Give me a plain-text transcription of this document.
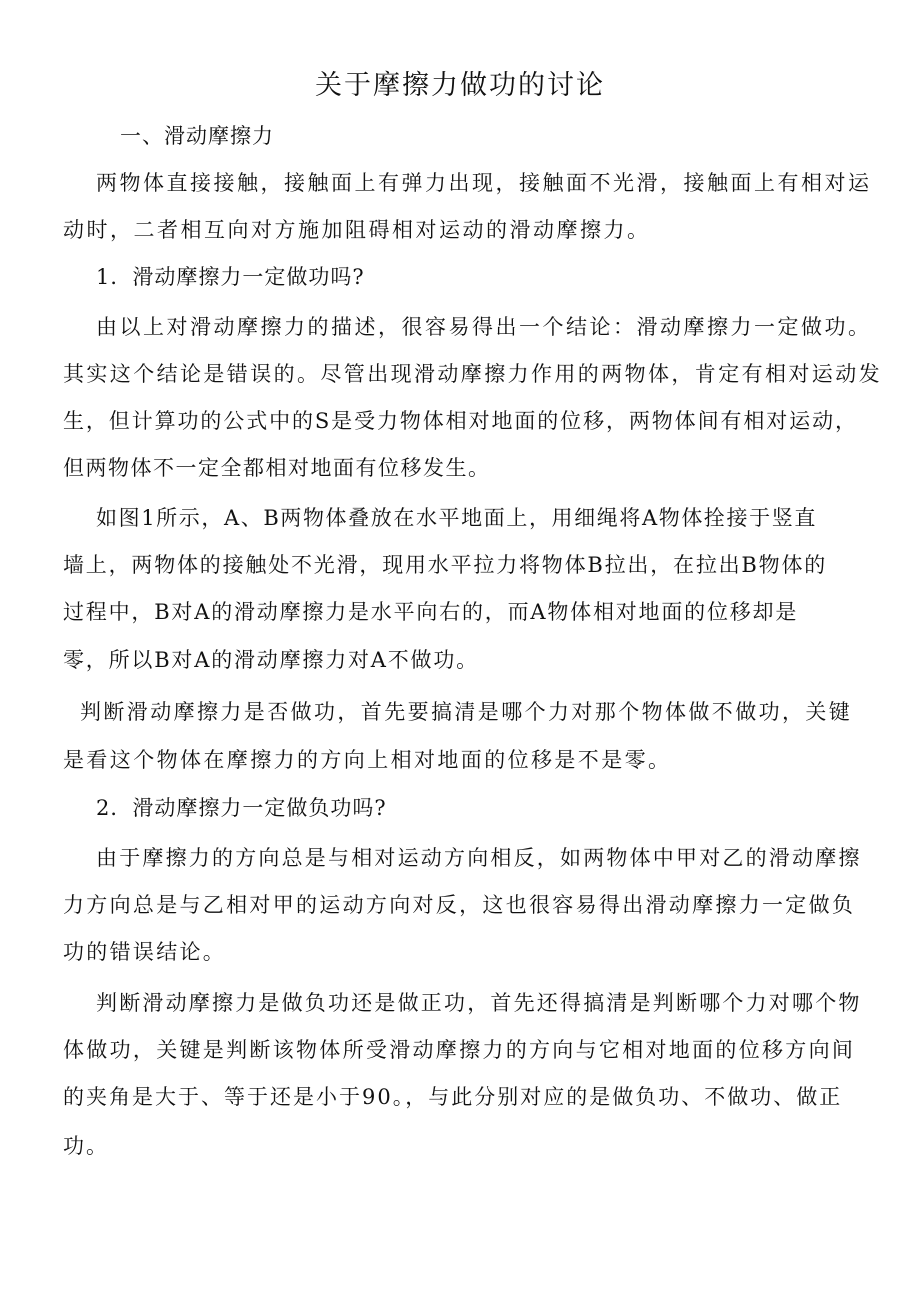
关于摩擦力做功的讨论

一、滑动摩擦力

两物体直接接触，接触面上有弹力出现，接触面不光滑，接触面上有相对运

动时，二者相互向对方施加阻碍相对运动的滑动摩擦力。

1．滑动摩擦力一定做功吗?

由以上对滑动摩擦力的描述，很容易得出一个结论：滑动摩擦力一定做功。

其实这个结论是错误的。尽管出现滑动摩擦力作用的两物体，肯定有相对运动发

生，但计算功的公式中的S是受力物体相对地面的位移，两物体间有相对运动，

但两物体不一定全都相对地面有位移发生。

如图1所示，A、B两物体叠放在水平地面上，用细绳将A物体拴接于竖直

墙上，两物体的接触处不光滑，现用水平拉力将物体B拉出，在拉出B物体的

过程中，B对A的滑动摩擦力是水平向右的，而A物体相对地面的位移却是

零，所以B对A的滑动摩擦力对A不做功。

判断滑动摩擦力是否做功，首先要搞清是哪个力对那个物体做不做功，关键

是看这个物体在摩擦力的方向上相对地面的位移是不是零。

2．滑动摩擦力一定做负功吗?

由于摩擦力的方向总是与相对运动方向相反，如两物体中甲对乙的滑动摩擦

力方向总是与乙相对甲的运动方向对反，这也很容易得出滑动摩擦力一定做负

功的错误结论。

判断滑动摩擦力是做负功还是做正功，首先还得搞清是判断哪个力对哪个物

体做功，关键是判断该物体所受滑动摩擦力的方向与它相对地面的位移方向间

的夹角是大于、等于还是小于90。，与此分别对应的是做负功、不做功、做正

功。
